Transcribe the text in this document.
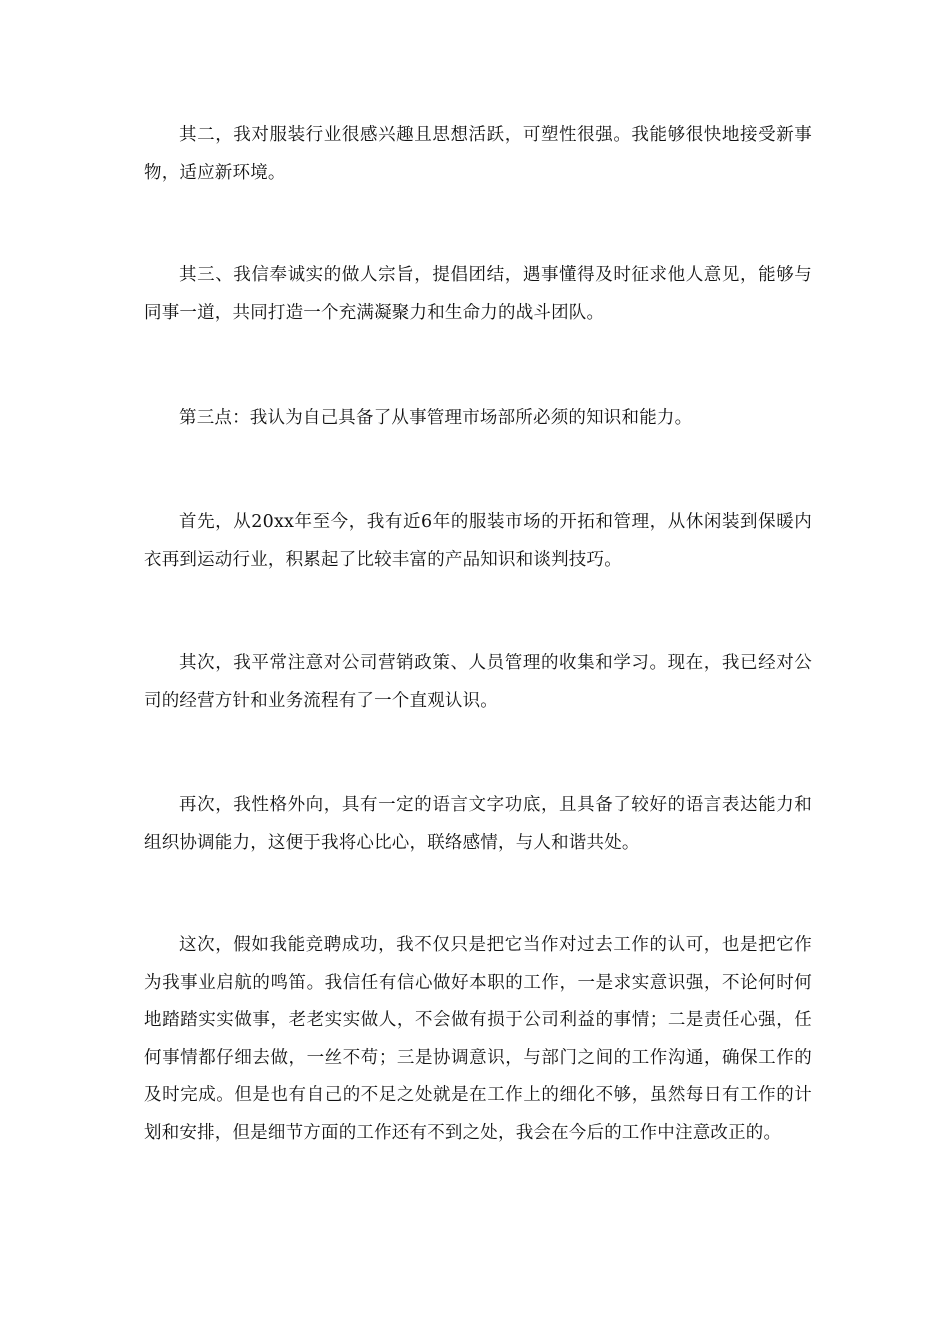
其二，我对服装行业很感兴趣且思想活跃，可塑性很强。我能够很快地接受新事物，适应新环境。

其三、我信奉诚实的做人宗旨，提倡团结，遇事懂得及时征求他人意见，能够与同事一道，共同打造一个充满凝聚力和生命力的战斗团队。

第三点：我认为自己具备了从事管理市场部所必须的知识和能力。

首先，从20xx年至今，我有近6年的服装市场的开拓和管理，从休闲装到保暖内衣再到运动行业，积累起了比较丰富的产品知识和谈判技巧。

其次，我平常注意对公司营销政策、人员管理的收集和学习。现在，我已经对公司的经营方针和业务流程有了一个直观认识。

再次，我性格外向，具有一定的语言文字功底，且具备了较好的语言表达能力和组织协调能力，这便于我将心比心，联络感情，与人和谐共处。

这次，假如我能竞聘成功，我不仅只是把它当作对过去工作的认可，也是把它作为我事业启航的鸣笛。我信任有信心做好本职的工作，一是求实意识强，不论何时何地踏踏实实做事，老老实实做人，不会做有损于公司利益的事情；二是责任心强，任何事情都仔细去做，一丝不苟；三是协调意识，与部门之间的工作沟通，确保工作的及时完成。但是也有自己的不足之处就是在工作上的细化不够，虽然每日有工作的计划和安排，但是细节方面的工作还有不到之处，我会在今后的工作中注意改正的。
